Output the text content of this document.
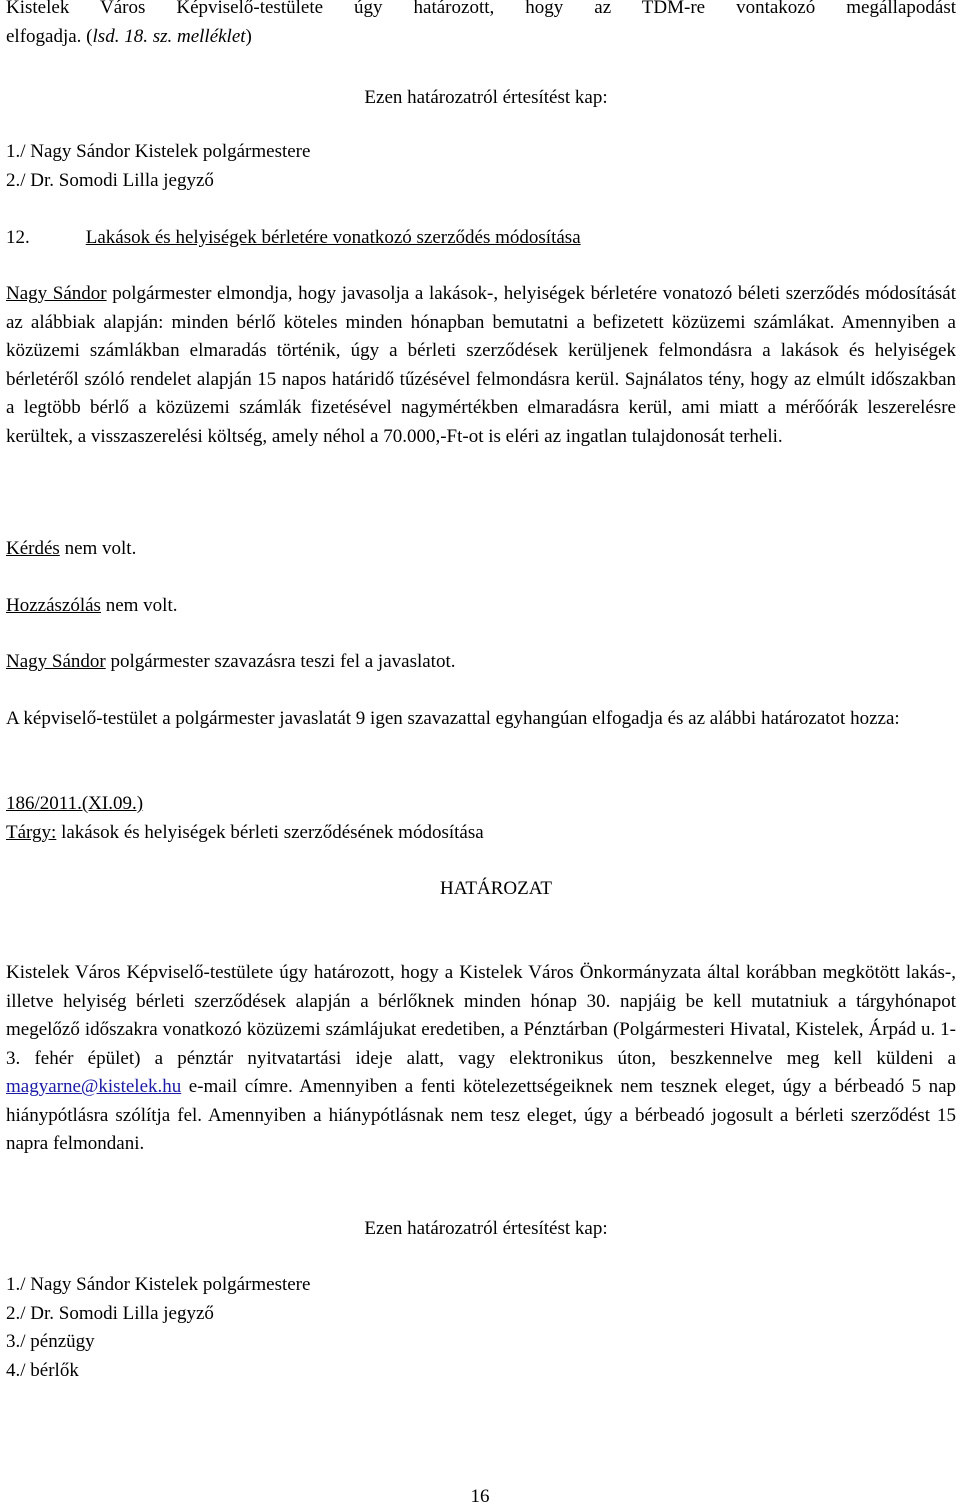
Kistelek Város Képviselő-testülete úgy határozott, hogy az TDM-re vontakozó megállapodást
elfogadja. (lsd. 18. sz. melléklet)
Ezen határozatról értesítést kap:
1./ Nagy Sándor Kistelek polgármestere
2./ Dr. Somodi Lilla jegyző
12.	Lakások és helyiségek bérletére vonatkozó szerződés módosítása
Nagy Sándor polgármester elmondja, hogy javasolja a lakások-, helyiségek bérletére vonatozó béleti szerződés módosítását az alábbiak alapján: minden bérlő köteles minden hónapban bemutatni a befizetett közüzemi számlákat. Amennyiben a közüzemi számlákban elmaradás történik, úgy a bérleti szerződések kerüljenek felmondásra a lakások és helyiségek bérletéről szóló rendelet alapján 15 napos határidő tűzésével felmondásra kerül. Sajnálatos tény, hogy az elmúlt időszakban a legtöbb bérlő a közüzemi számlák fizetésével nagymértékben elmaradásra kerül, ami miatt a mérőórák leszerelésre kerültek, a visszaszerelési költség, amely néhol a 70.000,-Ft-ot is eléri az ingatlan tulajdonosát terheli.
Kérdés nem volt.
Hozzászólás nem volt.
Nagy Sándor polgármester szavazásra teszi fel a javaslatot.
A képviselő-testület a polgármester javaslatát 9 igen szavazattal egyhangúan elfogadja és az alábbi határozatot hozza:
186/2011.(XI.09.)
Tárgy: lakások és helyiségek bérleti szerződésének módosítása
HATÁROZAT
Kistelek Város Képviselő-testülete úgy határozott, hogy a Kistelek Város Önkormányzata által korábban megkötött lakás-, illetve helyiség bérleti szerződések alapján a bérlőknek minden hónap 30. napjáig be kell mutatniuk a tárgyhónapot megelőző időszakra vonatkozó közüzemi számlájukat eredetiben, a Pénztárban (Polgármesteri Hivatal, Kistelek, Árpád u. 1-3. fehér épület) a pénztár nyitvatartási ideje alatt, vagy elektronikus úton, beszkennelve meg kell küldeni a magyarne@kistelek.hu e-mail címre. Amennyiben a fenti kötelezettségeiknek nem tesznek eleget, úgy a bérbeadó 5 nap hiánypótlásra szólítja fel. Amennyiben a hiánypótlásnak nem tesz eleget, úgy a bérbeadó jogosult a bérleti szerződést 15 napra felmondani.
Ezen határozatról értesítést kap:
1./ Nagy Sándor Kistelek polgármestere
2./ Dr. Somodi Lilla jegyző
3./ pénzügy
4./ bérlők
16
